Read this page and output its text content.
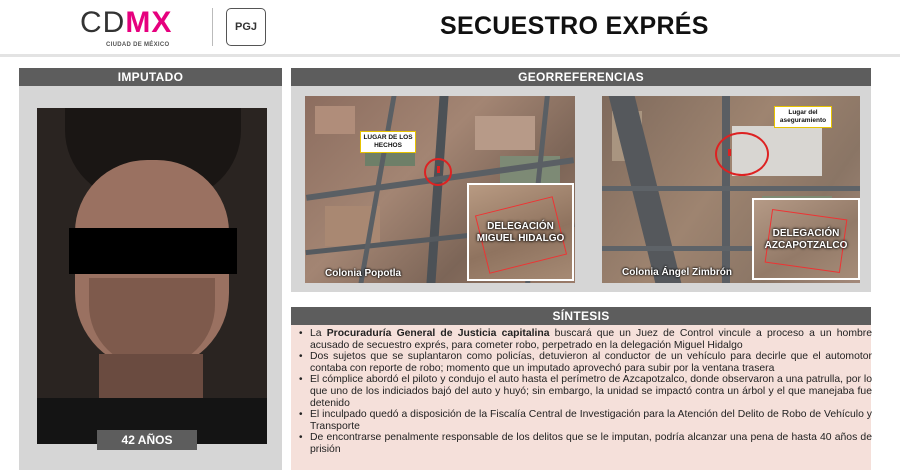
CDMX
CIUDAD DE MÉXICO
PGJ	SECUESTRO EXPRÉS
IMPUTADO
42 AÑOS
GEORREFERENCIAS
LUGAR DE LOS HECHOS
Colonia Popotla
DELEGACIÓN MIGUEL HIDALGO
Lugar del aseguramiento
Colonia Ángel Zimbrón
DELEGACIÓN AZCAPOTZALCO
SÍNTESIS
• La Procuraduría General de Justicia capitalina buscará que un Juez de Control vincule a proceso a un hombre acusado de secuestro exprés, para cometer robo, perpetrado en la delegación Miguel Hidalgo
• Dos sujetos que se suplantaron como policías, detuvieron al conductor de un vehículo para decirle que el automotor contaba con reporte de robo; momento que un imputado aprovechó para subir por la ventana trasera
• El cómplice abordó el piloto y condujo el auto hasta el perímetro de Azcapotzalco, donde observaron a una patrulla, por lo que uno de los indiciados bajó del auto y huyó; sin embargo, la unidad se impactó contra un árbol y el que manejaba fue detenido
• El inculpado quedó a disposición de la Fiscalía Central de Investigación para la Atención del Delito de Robo de Vehículo y Transporte
• De encontrarse penalmente responsable de los delitos que se le imputan, podría alcanzar una pena de hasta 40 años de prisión
